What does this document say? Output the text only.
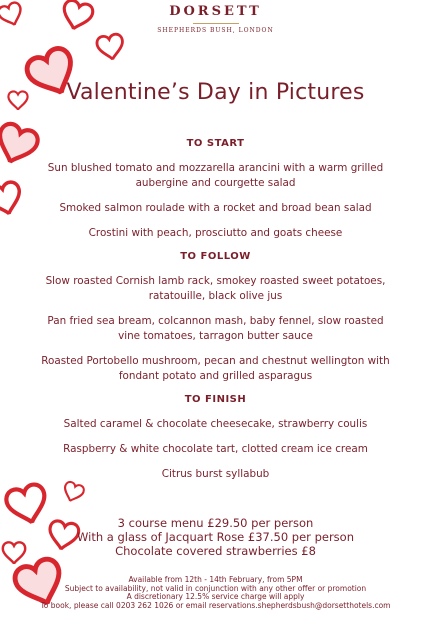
DORSETT
SHEPHERDS BUSH, LONDON
Valentine’s Day in Pictures
TO START
Sun blushed tomato and mozzarella arancini with a warm grilled aubergine and courgette salad
Smoked salmon roulade with a rocket and broad bean salad
Crostini with peach, prosciutto and goats cheese
TO FOLLOW
Slow roasted Cornish lamb rack, smokey roasted sweet potatoes, ratatouille, black olive jus
Pan fried sea bream, colcannon mash, baby fennel, slow roasted vine tomatoes, tarragon butter sauce
Roasted Portobello mushroom, pecan and chestnut wellington with fondant potato and grilled asparagus
TO FINISH
Salted caramel & chocolate cheesecake, strawberry coulis
Raspberry & white chocolate tart, clotted cream ice cream
Citrus burst syllabub
3 course menu £29.50 per person
With a glass of Jacquart Rose £37.50 per person
Chocolate covered strawberries £8
Available from 12th - 14th February, from 5PM
Subject to availability, not valid in conjunction with any other offer or promotion
A discretionary 12.5% service charge will apply
To book, please call 0203 262 1026 or email reservations.shepherdsbush@dorsetthotels.com
